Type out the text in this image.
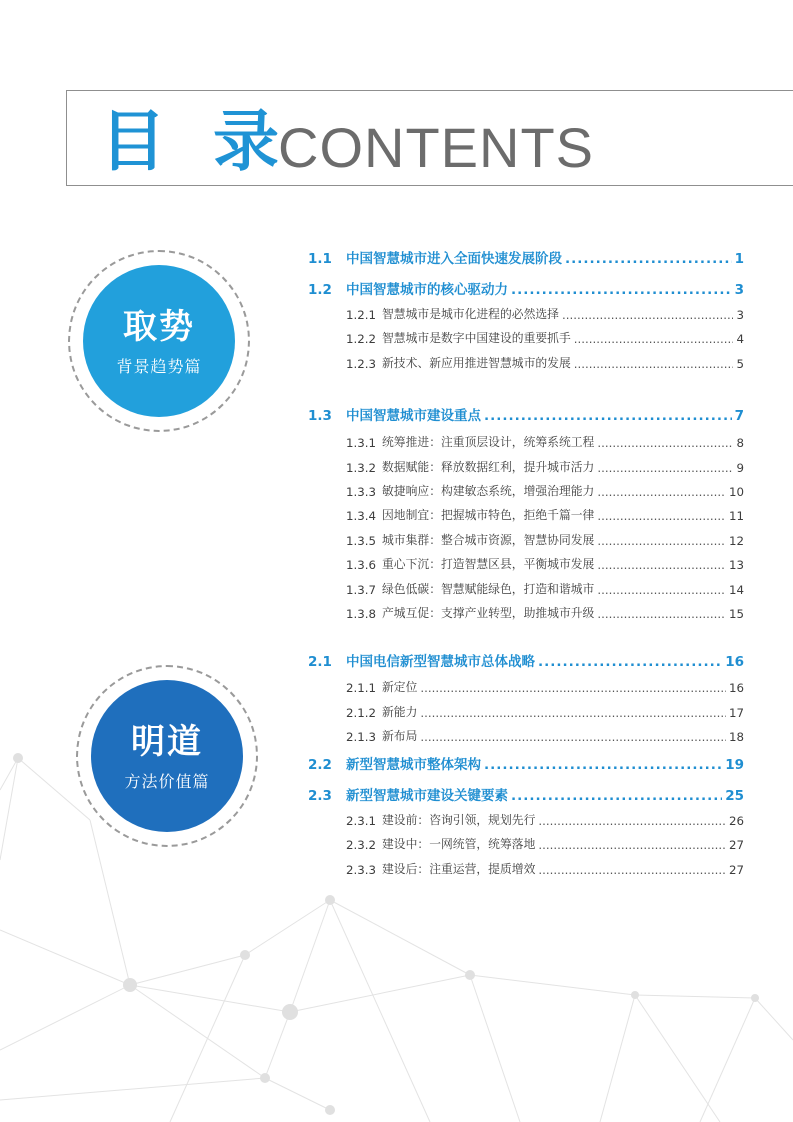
目 录
CONTENTS
取势
背景趋势篇
明道
方法价值篇
1.1	中国智慧城市进入全面快速发展阶段 .....	1
1.2	中国智慧城市的核心驱动力 .....	3
1.2.1 智慧城市是城市化进程的必然选择 .....	3
1.2.2 智慧城市是数字中国建设的重要抓手 .....	4
1.2.3 新技术、新应用推进智慧城市的发展 .....	5
1.3	中国智慧城市建设重点 .....	7
1.3.1 统筹推进：注重顶层设计，统筹系统工程 .....	8
1.3.2 数据赋能：释放数据红利，提升城市活力 .....	9
1.3.3 敏捷响应：构建敏态系统，增强治理能力 .....	10
1.3.4 因地制宜：把握城市特色，拒绝千篇一律 .....	11
1.3.5 城市集群：整合城市资源，智慧协同发展 .....	12
1.3.6 重心下沉：打造智慧区县，平衡城市发展 .....	13
1.3.7 绿色低碳：智慧赋能绿色，打造和谐城市 .....	14
1.3.8 产城互促：支撑产业转型，助推城市升级 .....	15
2.1	中国电信新型智慧城市总体战略 .....	16
2.1.1 新定位 .....	16
2.1.2 新能力 .....	17
2.1.3 新布局 .....	18
2.2	新型智慧城市整体架构 .....	19
2.3	新型智慧城市建设关键要素 .....	25
2.3.1 建设前：咨询引领，规划先行 .....	26
2.3.2 建设中：一网统管，统筹落地 .....	27
2.3.3 建设后：注重运营，提质增效 .....	27
